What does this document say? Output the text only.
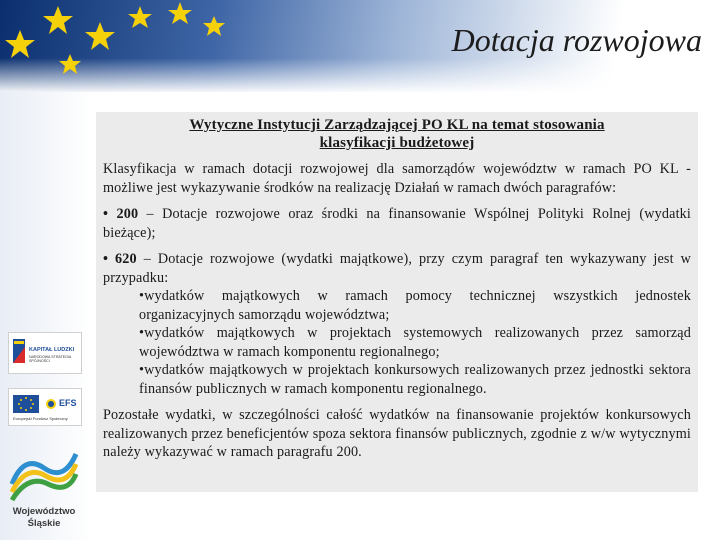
Dotacja rozwojowa
Wytyczne Instytucji Zarządzającej PO KL na temat stosowania
klasyfikacji budżetowej

Klasyfikacja w ramach dotacji rozwojowej dla samorządów województw w ramach PO KL - możliwe jest wykazywanie środków na realizację Działań w ramach dwóch paragrafów:

• 200 – Dotacje rozwojowe oraz środki na finansowanie Wspólnej Polityki Rolnej (wydatki bieżące);

• 620 – Dotacje rozwojowe (wydatki majątkowe), przy czym paragraf ten wykazywany jest w przypadku:

•wydatków majątkowych w ramach pomocy technicznej wszystkich jednostek organizacyjnych samorządu województwa;

•wydatków majątkowych w projektach systemowych realizowanych przez samorząd województwa w ramach komponentu regionalnego;

•wydatków majątkowych w projektach konkursowych realizowanych przez jednostki sektora finansów publicznych w ramach komponentu regionalnego.

Pozostałe wydatki, w szczególności całość wydatków na finansowanie projektów konkursowych realizowanych przez beneficjentów spoza sektora finansów publicznych, zgodnie z w/w wytycznymi należy wykazywać w ramach paragrafu 200.

KAPITAŁ LUDZKI
NARODOWA STRATEGIA SPÓJNOŚCI
EFS
Europejski Fundusz Społeczny
Województwo
Śląskie
